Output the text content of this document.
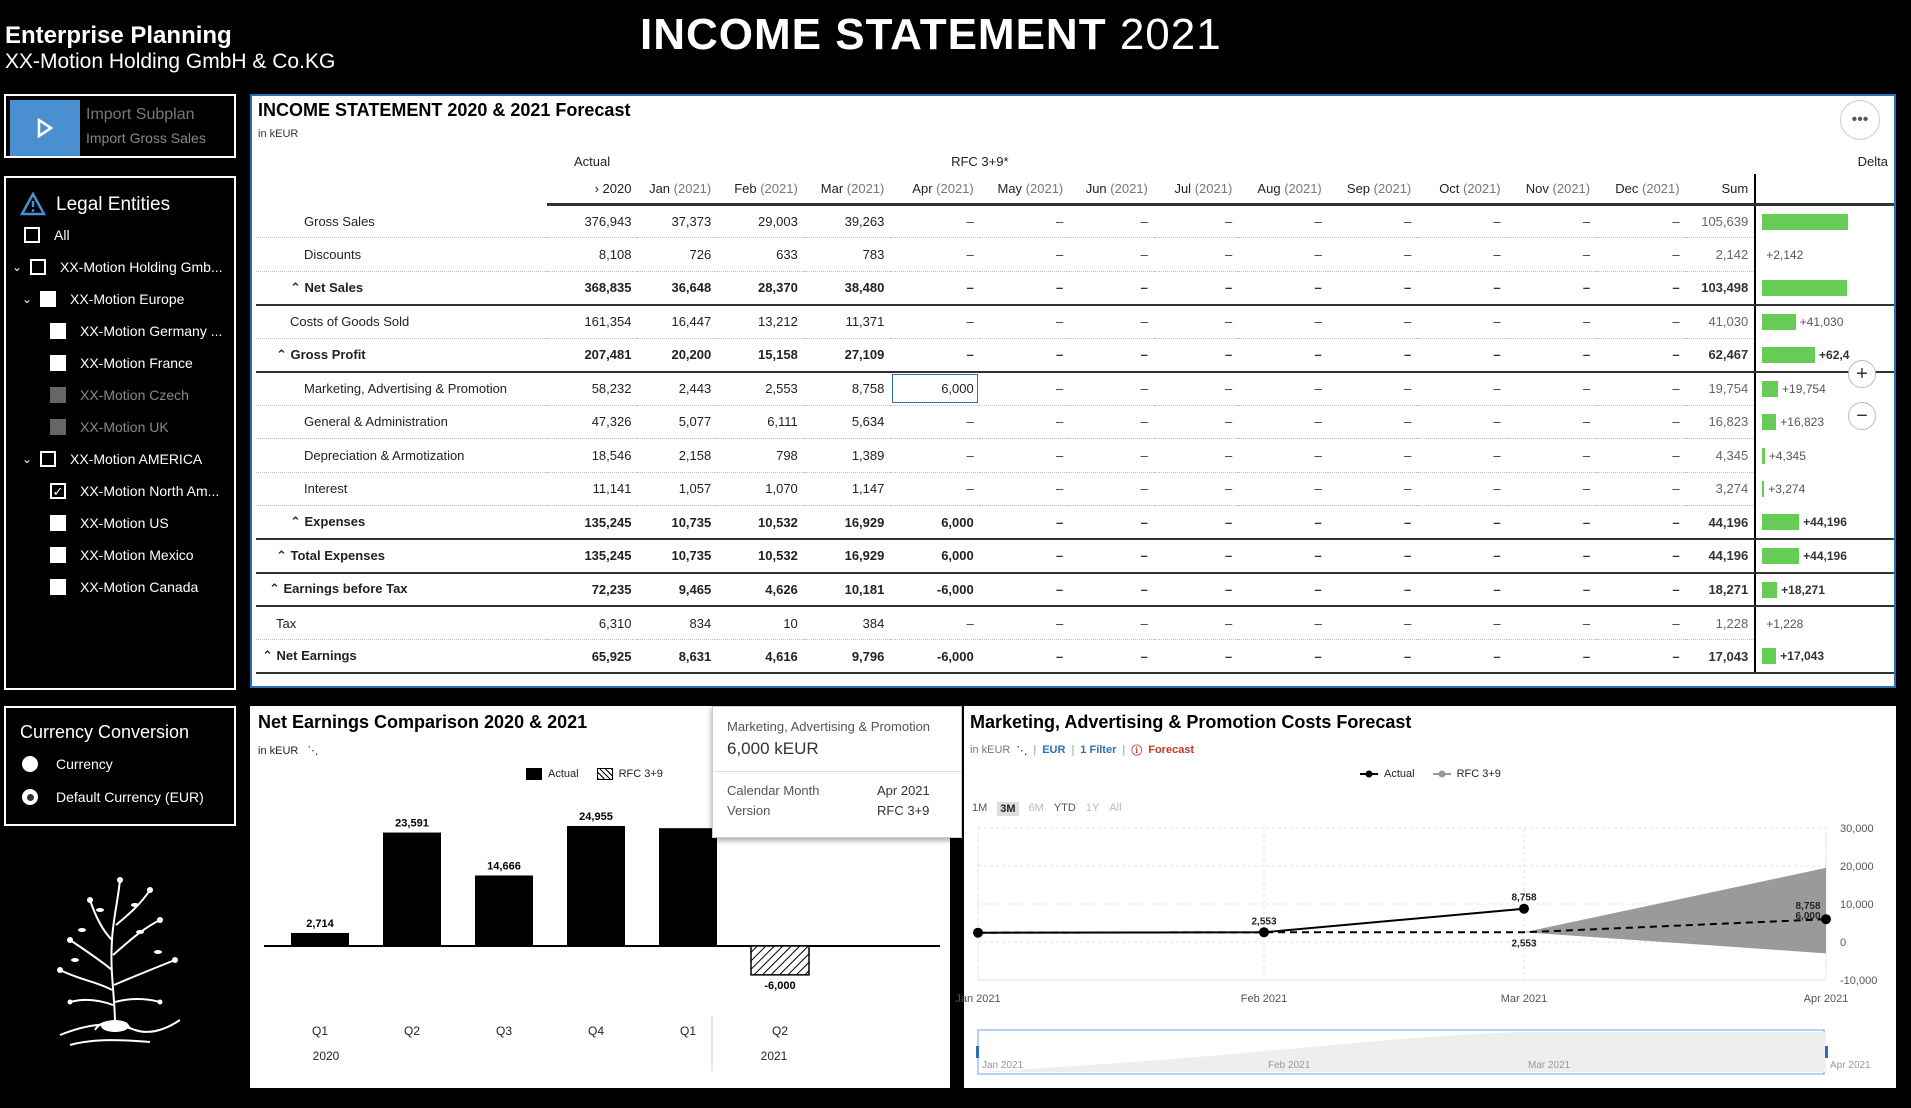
Enterprise Planning
XX-Motion Holding GmbH & Co.KG
INCOME STATEMENT 2021
Import Subplan
Import Gross Sales
Legal Entities
All
⌄	XX-Motion Holding Gmb...
⌄	XX-Motion Europe
XX-Motion Germany ...
XX-Motion France
XX-Motion Czech
XX-Motion UK
⌄	XX-Motion AMERICA
✓ XX-Motion North Am...
XX-Motion US
XX-Motion Mexico
XX-Motion Canada
Currency Conversion
Currency
Default Currency (EUR)
INCOME STATEMENT 2020 & 2021 Forecast
in kEUR
•••
	Actual				RFC 3+9*										Delta
	› 2020	Jan (2021)	Feb (2021)	Mar (2021)	Apr (2021)	May (2021)	Jun (2021)	Jul (2021)	Aug (2021)	Sep (2021)	Oct (2021)	Nov (2021)	Dec (2021)	Sum	
Gross Sales	376,943	37,373	29,003	39,263	–	–	–	–	–	–	–	–	–	105,639	
Discounts	8,108	726	633	783	–	–	–	–	–	–	–	–	–	2,142	+2,142
⌃ Net Sales	368,835	36,648	28,370	38,480	–	–	–	–	–	–	–	–	–	103,498	
Costs of Goods Sold	161,354	16,447	13,212	11,371	–	–	–	–	–	–	–	–	–	41,030	+41,030
⌃ Gross Profit	207,481	20,200	15,158	27,109	–	–	–	–	–	–	–	–	–	62,467	+62,4
Marketing, Advertising & Promotion	58,232	2,443	2,553	8,758	6,000	–	–	–	–	–	–	–	–	19,754	+19,754
General & Administration	47,326	5,077	6,111	5,634	–	–	–	–	–	–	–	–	–	16,823	+16,823
Depreciation & Armotization	18,546	2,158	798	1,389	–	–	–	–	–	–	–	–	–	4,345	+4,345
Interest	11,141	1,057	1,070	1,147	–	–	–	–	–	–	–	–	–	3,274	+3,274
⌃ Expenses	135,245	10,735	10,532	16,929	6,000	–	–	–	–	–	–	–	–	44,196	+44,196
⌃ Total Expenses	135,245	10,735	10,532	16,929	6,000	–	–	–	–	–	–	–	–	44,196	+44,196
⌃ Earnings before Tax	72,235	9,465	4,626	10,181	-6,000	–	–	–	–	–	–	–	–	18,271	+18,271
Tax	6,310	834	10	384	–	–	–	–	–	–	–	–	–	1,228	+1,228
⌃ Net Earnings	65,925	8,631	4,616	9,796	-6,000	–	–	–	–	–	–	–	–	17,043	+17,043
+
−
Net Earnings Comparison 2020 & 2021
in kEUR ⋱
Actual	RFC 3+9
2,714
Q1
23,591
Q2
14,666
Q3
24,955
Q4	Q1
-6,000
Q2
2020	2021
Marketing, Advertising & Promotion
6,000 kEUR
Calendar Month	Apr 2021
Version	RFC 3+9
Marketing, Advertising & Promotion Costs Forecast
in kEUR ⋱ | EUR | 1 Filter | ⓘ Forecast
Actual	RFC 3+9
1M 3M 6M YTD 1Y All
30,000
20,000
10,000
0
-10,000
Jan 2021	Feb 2021	Mar 2021	Apr 2021
2,553
8,758
2,553
6,000
8,758
Jan 2021	Feb 2021	Mar 2021	Apr 2021
